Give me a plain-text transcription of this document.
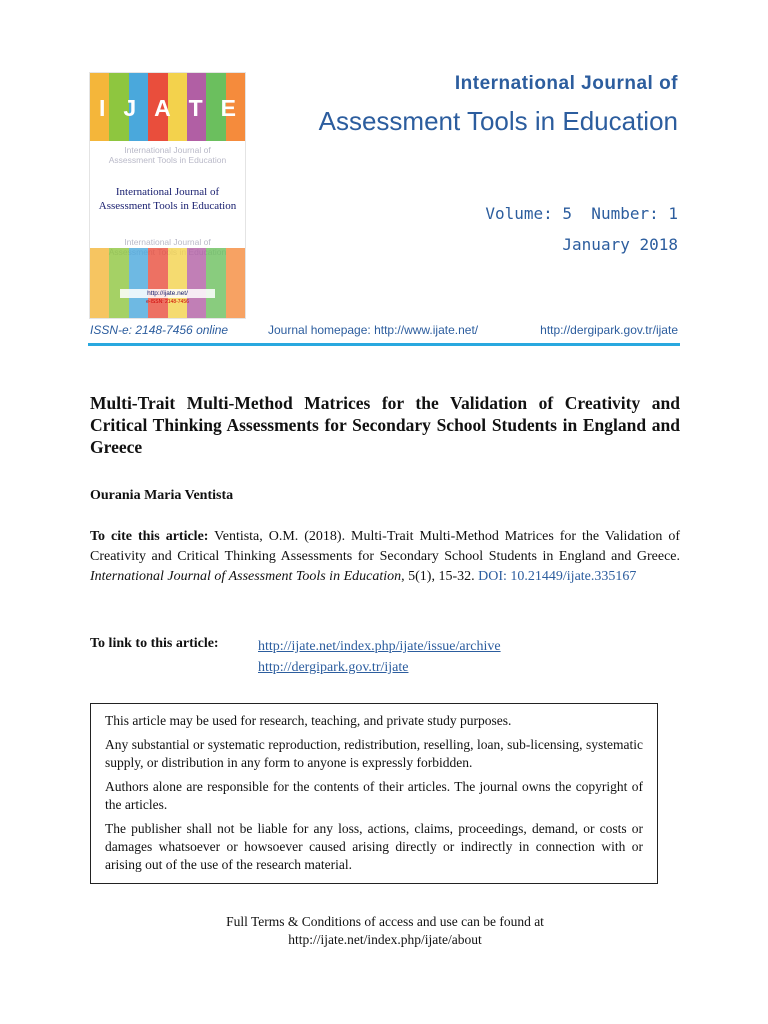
I J A T E
International Journal of
Assessment Tools in Education
International Journal of
Assessment Tools in Education
International Journal of
http://ijate.net/
e-ISSN: 2148-7456
International Journal of
Assessment Tools in Education
Volume: 5  Number: 1
January 2018
ISSN-e: 2148-7456 online	Journal homepage: http://www.ijate.net/	http://dergipark.gov.tr/ijate
Multi-Trait Multi-Method Matrices for the Validation of Creativity and Critical Thinking Assessments for Secondary School Students in England and Greece
Ourania Maria Ventista
To cite this article: Ventista, O.M. (2018). Multi-Trait Multi-Method Matrices for the Validation of Creativity and Critical Thinking Assessments for Secondary School Students in England and Greece. International Journal of Assessment Tools in Education, 5(1), 15-32. DOI: 10.21449/ijate.335167
To link to this article:	http://ijate.net/index.php/ijate/issue/archive
http://dergipark.gov.tr/ijate

This article may be used for research, teaching, and private study purposes.

Any substantial or systematic reproduction, redistribution, reselling, loan, sub-licensing, systematic supply, or distribution in any form to anyone is expressly forbidden.

Authors alone are responsible for the contents of their articles. The journal owns the copyright of the articles.

The publisher shall not be liable for any loss, actions, claims, proceedings, demand, or costs or damages whatsoever or howsoever caused arising directly or indirectly in connection with or arising out of the use of the research material.

Full Terms & Conditions of access and use can be found at
http://ijate.net/index.php/ijate/about
